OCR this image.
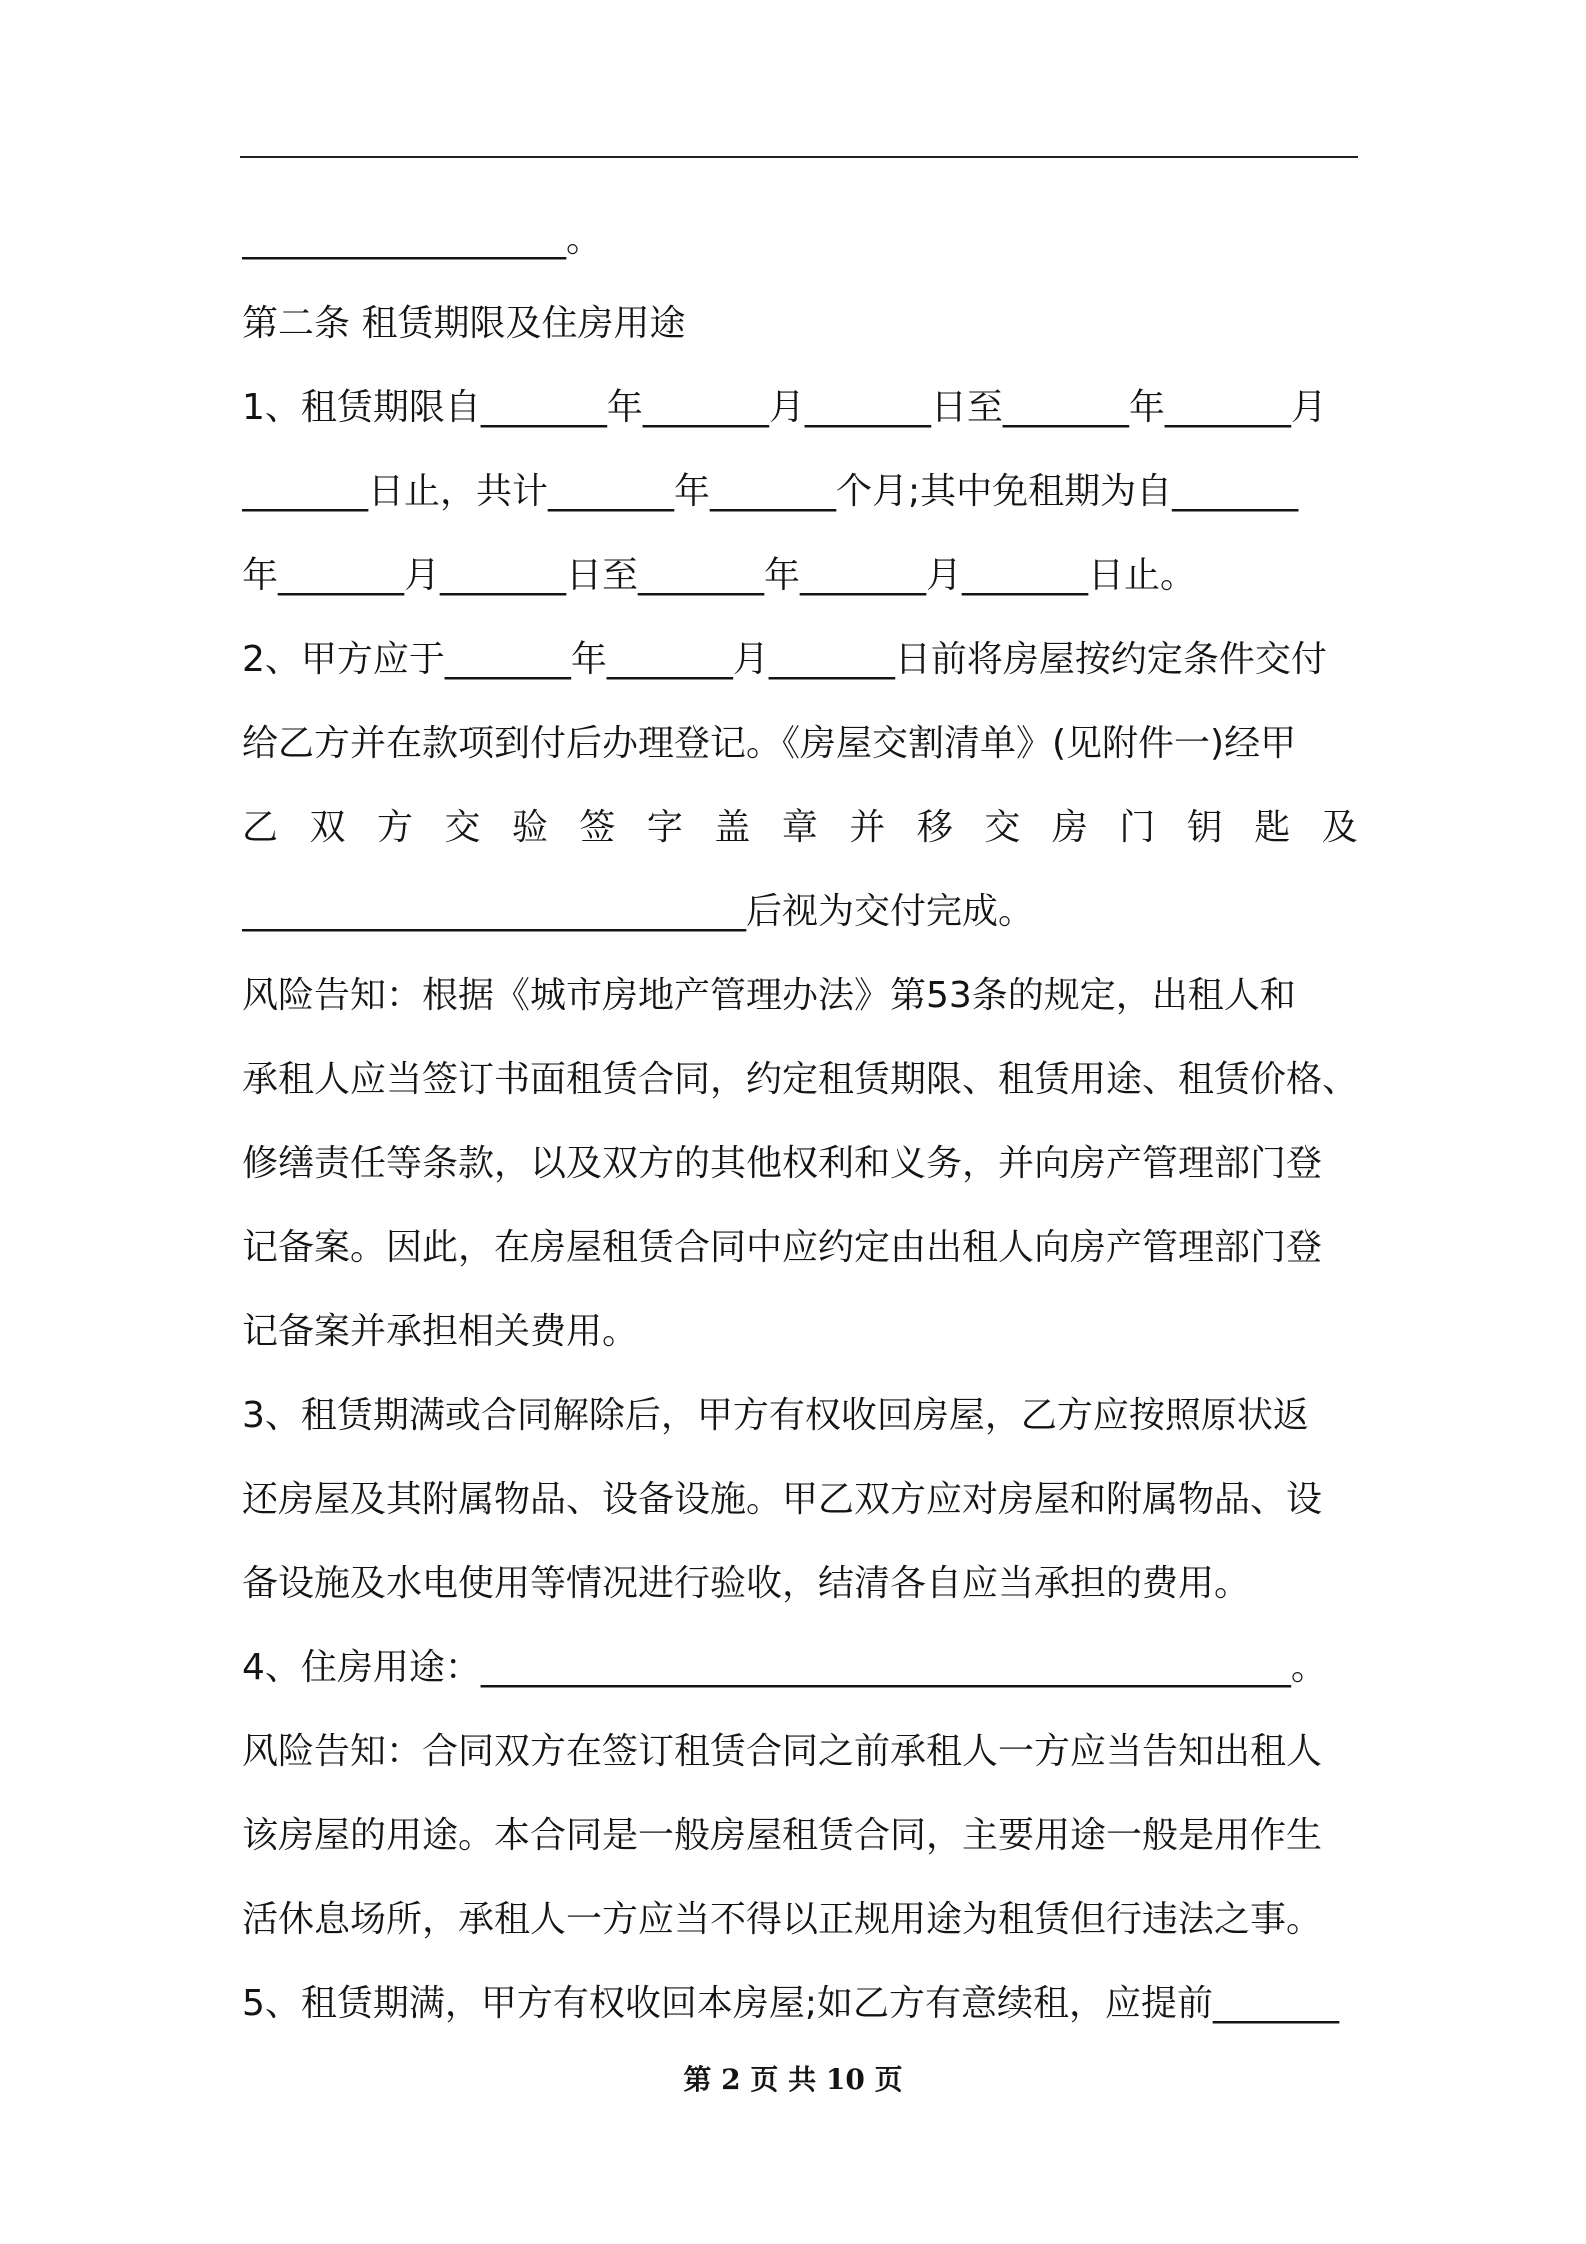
__________________。
第二条 租赁期限及住房用途
1、租赁期限自_______年_______月_______日至_______年_______月
_______日止，共计_______年_______个月;其中免租期为自_______
年_______月_______日至_______年_______月_______日止。
2、甲方应于_______年_______月_______日前将房屋按约定条件交付
给乙方并在款项到付后办理登记。《房屋交割清单》(见附件一)经甲
乙 双 方 交 验 签 字 盖 章 并 移 交 房 门 钥 匙 及
____________________________后视为交付完成。
风险告知：根据《城市房地产管理办法》第53条的规定，出租人和
承租人应当签订书面租赁合同，约定租赁期限、租赁用途、租赁价格、
修缮责任等条款，以及双方的其他权利和义务，并向房产管理部门登
记备案。因此，在房屋租赁合同中应约定由出租人向房产管理部门登
记备案并承担相关费用。
3、租赁期满或合同解除后，甲方有权收回房屋，乙方应按照原状返
还房屋及其附属物品、设备设施。甲乙双方应对房屋和附属物品、设
备设施及水电使用等情况进行验收，结清各自应当承担的费用。
4、住房用途：_____________________________________________。
风险告知：合同双方在签订租赁合同之前承租人一方应当告知出租人
该房屋的用途。本合同是一般房屋租赁合同，主要用途一般是用作生
活休息场所，承租人一方应当不得以正规用途为租赁但行违法之事。
5、租赁期满，甲方有权收回本房屋;如乙方有意续租，应提前_______
第 2 页 共 10 页
